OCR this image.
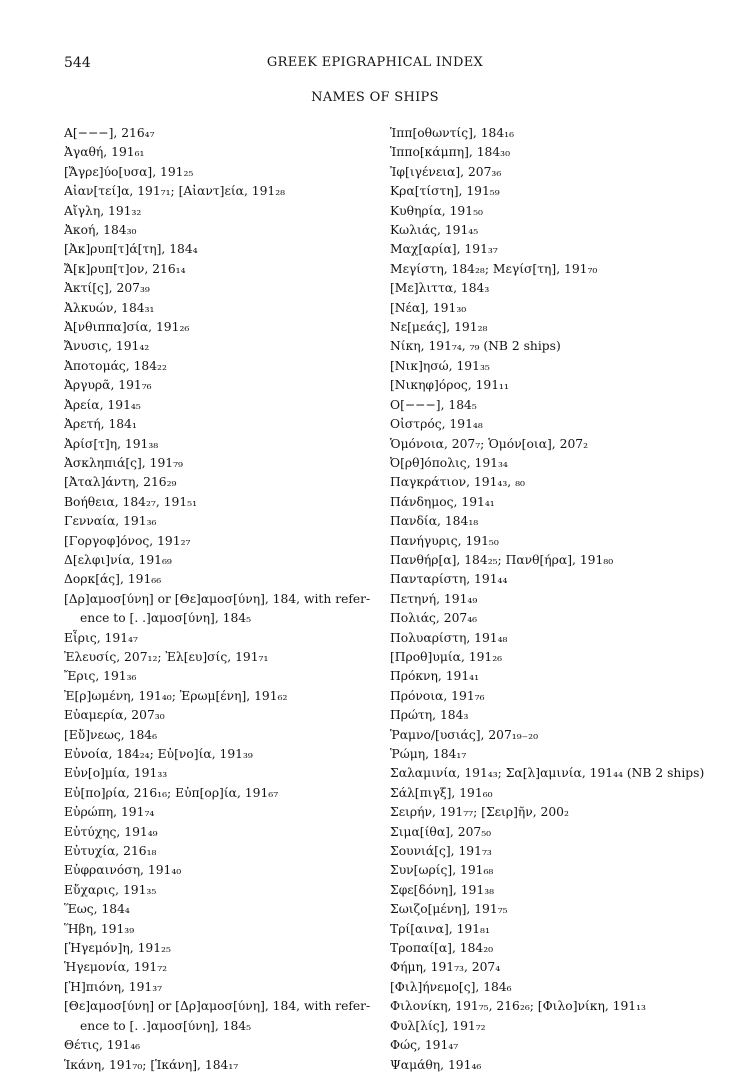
544	GREEK EPIGRAPHICAL INDEX
NAMES OF SHIPS
Α[−−−], 216₄₇
Ἀγαθή, 191₆₁
[Ἄγρε]ύο[υσα], 191₂₅
Αἰαν[τεί]α, 191₇₁; [Αἰαντ]εία, 191₂₈
Αἴγλη, 191₃₂
Ἀκοή, 184₃₀
[Ἀκ]ρυπ[τ]ά[τη], 184₄
Ἄ[κ]ρυπ[τ]ον, 216₁₄
Ἀκτί[ς], 207₃₉
Ἀλκυών, 184₃₁
Ἀ[νθιππα]σία, 191₂₆
Ἄνυσις, 191₄₂
Ἀποτομάς, 184₂₂
Ἀργυρᾶ, 191₇₆
Ἀρεία, 191₄₅
Ἀρετή, 184₁
Ἀρίσ[τ]η, 191₃₈
Ἀσκληπιά[ς], 191₇₉
[Ἀταλ]άντη, 216₂₉
Βοήθεια, 184₂₇, 191₅₁
Γενναία, 191₃₆
[Γοργοφ]όνος, 191₂₇
Δ[ελφι]νία, 191₆₉
Δορκ[άς], 191₆₆
[Δρ]αμοσ[ύνη] or [Θε]αμοσ[ύνη], 184, with refer-
ence to [. .]αμοσ[ύνη], 184₅
Εἶρις, 191₄₇
Ἐλευσίς, 207₁₂; Ἐλ[ευ]σίς, 191₇₁
Ἔρις, 191₃₆
Ἐ[ρ]ωμένη, 191₄₀; Ἐρωμ[ένη], 191₆₂
Εὐαμερία, 207₃₀
[Εὔ]νεως, 184₆
Εὐνοία, 184₂₄; Εὐ[νο]ία, 191₃₉
Εὐν[ο]μία, 191₃₃
Εὐ[πο]ρία, 216₁₆; Εὐπ[ορ]ία, 191₆₇
Εὐρώπη, 191₇₄
Εὐτύχης, 191₄₉
Εὐτυχία, 216₁₈
Εὐφραινόση, 191₄₀
Εὔχαρις, 191₃₅
Ἕως, 184₄
Ἥβη, 191₃₉
[Ἡγεμόν]η, 191₂₅
Ἡγεμονία, 191₇₂
[Ἡ]πιόνη, 191₃₇
[Θε]αμοσ[ύνη] or [Δρ]αμοσ[ύνη], 184, with refer-
ence to [. .]αμοσ[ύνη], 184₅
Θέτις, 191₄₆
Ἱκάνη, 191₇₀; [Ἱκάνη], 184₁₇
Ἱππ[οθωντίς], 184₁₆
Ἱππο[κάμπη], 184₃₀
Ἰφ[ιγένεια], 207₃₆
Κρα[τίστη], 191₅₉
Κυθηρία, 191₅₀
Κωλιάς, 191₄₅
Μαχ[αρία], 191₃₇
Μεγίστη, 184₂₈; Μεγίσ[τη], 191₇₀
[Με]λιττα, 184₃
[Νέα], 191₃₀
Νε[μεάς], 191₂₈
Νίκη, 191₇₄, ₇₉ (NB 2 ships)
[Νικ]ησώ, 191₃₅
[Νικηφ]όρος, 191₁₁
Ο[−−−], 184₅
Οἰστρός, 191₄₈
Ὁμόνοια, 207₇; Ὁμόν[οια], 207₂
Ὀ[ρθ]όπολις, 191₃₄
Παγκράτιον, 191₄₃, ₈₀
Πάνδημος, 191₄₁
Πανδία, 184₁₈
Πανήγυρις, 191₅₀
Πανθήρ[α], 184₂₅; Πανθ[ήρα], 191₈₀
Πανταρίστη, 191₄₄
Πετηνή, 191₄₉
Πολιάς, 207₄₆
Πολυαρίστη, 191₄₈
[Προθ]υμία, 191₂₆
Πρόκνη, 191₄₁
Πρόνοια, 191₇₆
Πρώτη, 184₃
Ῥαμνο/[υσιάς], 207₁₉₋₂₀
Ῥώμη, 184₁₇
Σαλαμινία, 191₄₃; Σα[λ]αμινία, 191₄₄ (NB 2 ships)
Σάλ[πιγξ], 191₆₀
Σειρήν, 191₇₇; [Σειρ]ῆν, 200₂
Σιμα[ίθα], 207₅₀
Σουνιά[ς], 191₇₃
Συν[ωρίς], 191₆₈
Σφε[δόνη], 191₃₈
Σωιζο[μένη], 191₇₅
Τρί[αινα], 191₈₁
Τροπαί[α], 184₂₀
Φήμη, 191₇₃, 207₄
[Φιλ]ήνεμο[ς], 184₆
Φιλονίκη, 191₇₅, 216₂₆; [Φιλο]νίκη, 191₁₃
Φυλ[λίς], 191₇₂
Φώς, 191₄₇
Ψαμάθη, 191₄₆
